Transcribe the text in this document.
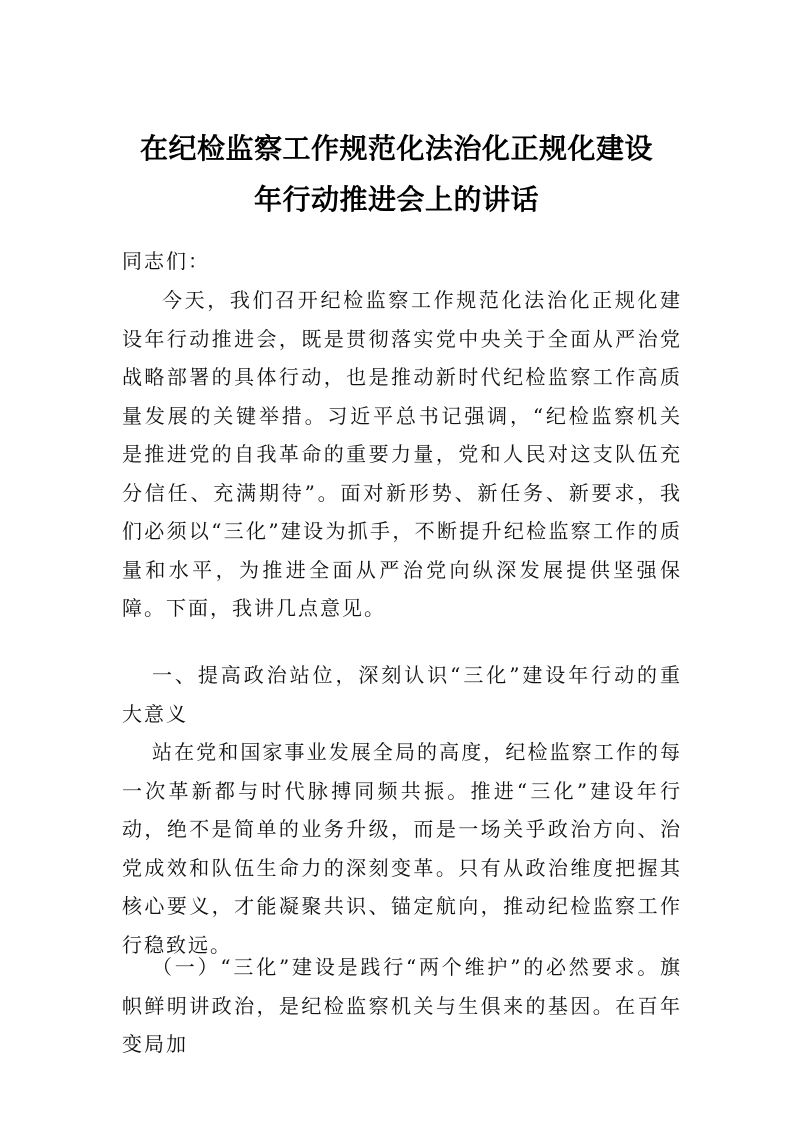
在纪检监察工作规范化法治化正规化建设
年行动推进会上的讲话

同志们：

今天，我们召开纪检监察工作规范化法治化正规化建设年行动推进会，既是贯彻落实党中央关于全面从严治党战略部署的具体行动，也是推动新时代纪检监察工作高质量发展的关键举措。习近平总书记强调，“纪检监察机关是推进党的自我革命的重要力量，党和人民对这支队伍充分信任、充满期待”。面对新形势、新任务、新要求，我们必须以“三化”建设为抓手，不断提升纪检监察工作的质量和水平，为推进全面从严治党向纵深发展提供坚强保障。下面，我讲几点意见。

一、提高政治站位，深刻认识“三化”建设年行动的重大意义

站在党和国家事业发展全局的高度，纪检监察工作的每一次革新都与时代脉搏同频共振。推进“三化”建设年行动，绝不是简单的业务升级，而是一场关乎政治方向、治党成效和队伍生命力的深刻变革。只有从政治维度把握其核心要义，才能凝聚共识、锚定航向，推动纪检监察工作行稳致远。

（一）“三化”建设是践行“两个维护”的必然要求。旗帜鲜明讲政治，是纪检监察机关与生俱来的基因。在百年变局加
